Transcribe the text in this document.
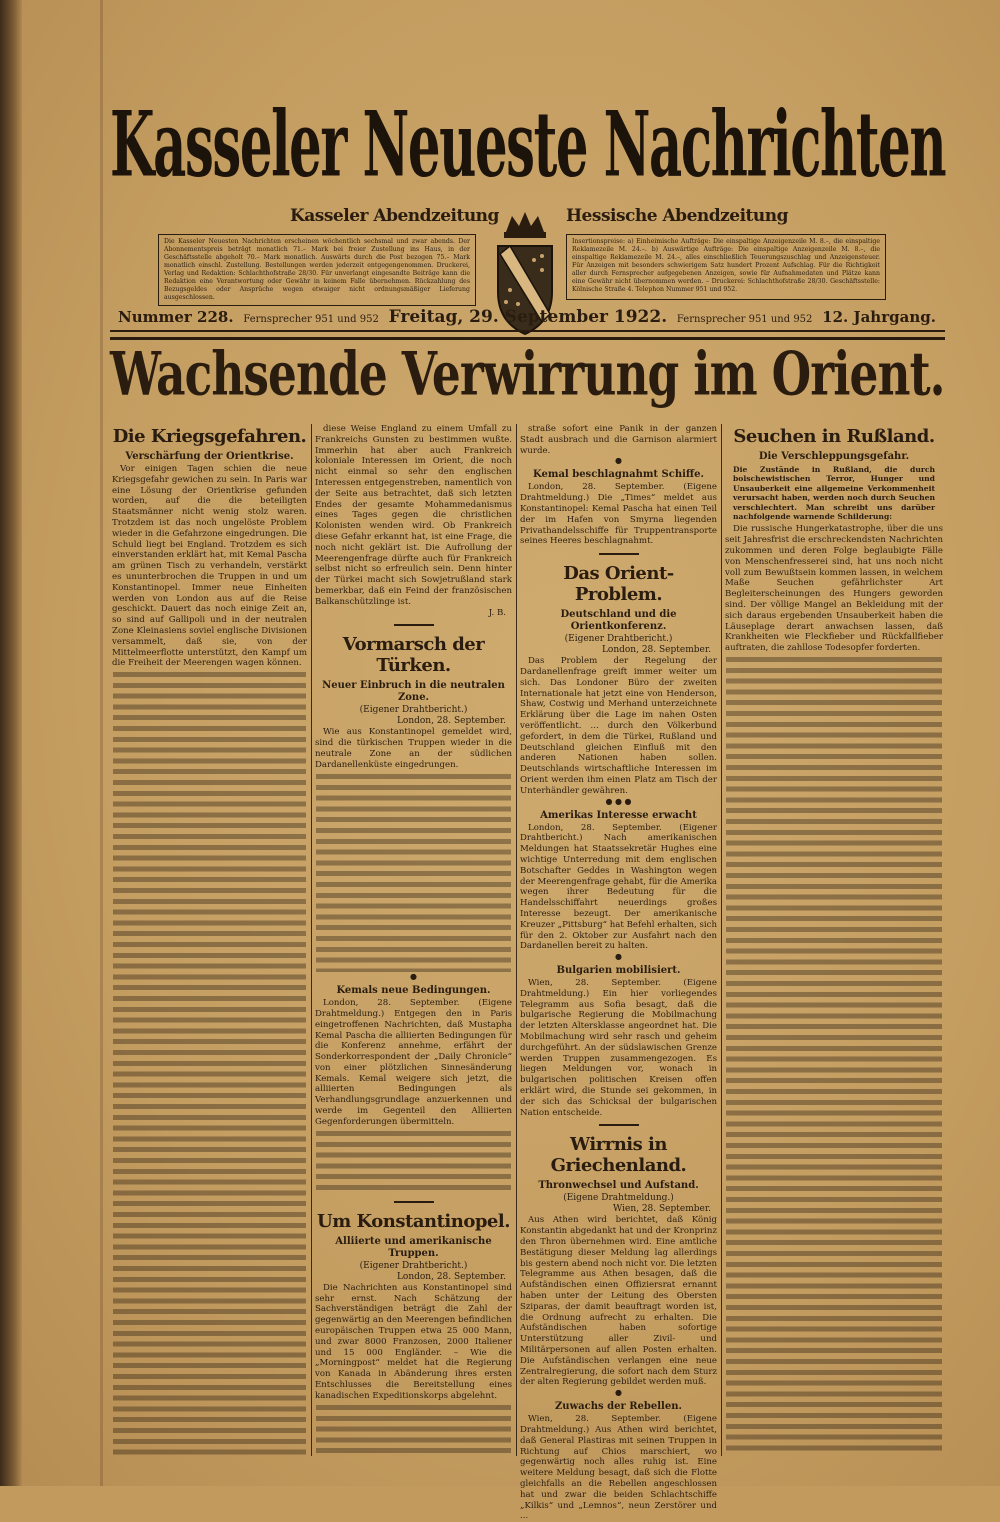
Kasseler Neueste Nachrichten
Kasseler Abendzeitung	Hessische Abendzeitung
Die Kasseler Neuesten Nachrichten erscheinen wöchentlich sechsmal und zwar abends. Der Abonnementspreis beträgt monatlich 71.– Mark bei freier Zustellung ins Haus, in der Geschäftsstelle abgeholt 70.– Mark monatlich. Auswärts durch die Post bezogen 75.– Mark monatlich einschl. Zustellung. Bestellungen werden jederzeit entgegengenommen. Druckerei, Verlag und Redaktion: Schlachthofstraße 28/30. Für unverlangt eingesandte Beiträge kann die Redaktion eine Verantwortung oder Gewähr in keinem Falle übernehmen. Rückzahlung des Bezugsgeldes oder Ansprüche wegen etwaiger nicht ordnungsmäßiger Lieferung ausgeschlossen.
Insertionspreise: a) Einheimische Aufträge: Die einspaltige Anzeigenzeile M. 8.–, die einspaltige Reklamezeile M. 24.–. b) Auswärtige Aufträge: Die einspaltige Anzeigenzeile M. 8.–, die einspaltige Reklamezeile M. 24.–, alles einschließlich Teuerungszuschlag und Anzeigensteuer. Für Anzeigen mit besonders schwierigem Satz hundert Prozent Aufschlag. Für die Richtigkeit aller durch Fernsprecher aufgegebenen Anzeigen, sowie für Aufnahmedaten und Plätze kann eine Gewähr nicht übernommen werden. – Druckerei: Schlachthofstraße 28/30. Geschäftsstelle: Kölnische Straße 4. Telephon Nummer 951 und 952.
Nummer 228. Fernsprecher 951 und 952 Freitag, 29. September 1922. Fernsprecher 951 und 952 12. Jahrgang.
Wachsende Verwirrung im Orient.
Die Kriegsgefahren.
Verschärfung der Orientkrise.

Vor einigen Tagen schien die neue Kriegsgefahr gewichen zu sein. In Paris war eine Lösung der Orientkrise gefunden worden, auf die die beteiligten Staatsmänner nicht wenig stolz waren. Trotzdem ist das noch ungelöste Problem wieder in die Gefahrzone eingedrungen. Die Schuld liegt bei England. Trotzdem es sich einverstanden erklärt hat, mit Kemal Pascha am grünen Tisch zu verhandeln, verstärkt es ununterbrochen die Truppen in und um Konstantinopel. Immer neue Einheiten werden von London aus auf die Reise geschickt. Dauert das noch einige Zeit an, so sind auf Gallipoli und in der neutralen Zone Kleinasiens soviel englische Divisionen versammelt, daß sie, von der Mittelmeerflotte unterstützt, den Kampf um die Freiheit der Meerengen wagen können.

diese Weise England zu einem Umfall zu Frankreichs Gunsten zu bestimmen wußte. Immerhin hat aber auch Frankreich koloniale Interessen im Orient, die noch nicht einmal so sehr den englischen Interessen entgegenstreben, namentlich von der Seite aus betrachtet, daß sich letzten Endes der gesamte Mohammedanismus eines Tages gegen die christlichen Kolonisten wenden wird. Ob Frankreich diese Gefahr erkannt hat, ist eine Frage, die noch nicht geklärt ist. Die Aufrollung der Meerengenfrage dürfte auch für Frankreich selbst nicht so erfreulich sein. Denn hinter der Türkei macht sich Sowjetrußland stark bemerkbar, daß ein Feind der französischen Balkanschützlinge ist.

J. B.
Vormarsch der Türken.
Neuer Einbruch in die neutralen Zone.
(Eigener Drahtbericht.)
London, 28. September.

Wie aus Konstantinopel gemeldet wird, sind die türkischen Truppen wieder in die neutrale Zone an der südlichen Dardanellenküste eingedrungen.

●
Kemals neue Bedingungen.

London, 28. September. (Eigene Drahtmeldung.) Entgegen den in Paris eingetroffenen Nachrichten, daß Mustapha Kemal Pascha die alliierten Bedingungen für die Konferenz annehme, erfährt der Sonderkorrespondent der „Daily Chronicle“ von einer plötzlichen Sinnesänderung Kemals. Kemal weigere sich jetzt, die alliierten Bedingungen als Verhandlungsgrundlage anzuerkennen und werde im Gegenteil den Alliierten Gegenforderungen übermitteln.

Um Konstantinopel.
Alliierte und amerikanische Truppen.
(Eigener Drahtbericht.)
London, 28. September.

Die Nachrichten aus Konstantinopel sind sehr ernst. Nach Schätzung der Sachverständigen beträgt die Zahl der gegenwärtig an den Meerengen befindlichen europäischen Truppen etwa 25 000 Mann, und zwar 8000 Franzosen, 2000 Italiener und 15 000 Engländer. – Wie die „Morningpost“ meldet hat die Regierung von Kanada in Abänderung ihres ersten Entschlusses die Bereitstellung eines kanadischen Expeditionskorps abgelehnt.

straße sofort eine Panik in der ganzen Stadt ausbrach und die Garnison alarmiert wurde.

●
Kemal beschlagnahmt Schiffe.

London, 28. September. (Eigene Drahtmeldung.) Die „Times“ meldet aus Konstantinopel: Kemal Pascha hat einen Teil der im Hafen von Smyrna liegenden Privathandelsschiffe für Truppentransporte seines Heeres beschlagnahmt.

Das Orient-Problem.
Deutschland und die Orientkonferenz.
(Eigener Drahtbericht.)
London, 28. September.

Das Problem der Regelung der Dardanellenfrage greift immer weiter um sich. Das Londoner Büro der zweiten Internationale hat jetzt eine von Henderson, Shaw, Costwig und Merhand unterzeichnete Erklärung über die Lage im nahen Osten veröffentlicht. … durch den Völkerbund gefordert, in dem die Türkei, Rußland und Deutschland gleichen Einfluß mit den anderen Nationen haben sollen. Deutschlands wirtschaftliche Interessen im Orient werden ihm einen Platz am Tisch der Unterhändler gewähren.

● ● ●
Amerikas Interesse erwacht

London, 28. September. (Eigener Drahtbericht.) Nach amerikanischen Meldungen hat Staatssekretär Hughes eine wichtige Unterredung mit dem englischen Botschafter Geddes in Washington wegen der Meerengenfrage gehabt, für die Amerika wegen ihrer Bedeutung für die Handelsschiffahrt neuerdings großes Interesse bezeugt. Der amerikanische Kreuzer „Pittsburg“ hat Befehl erhalten, sich für den 2. Oktober zur Ausfahrt nach den Dardanellen bereit zu halten.

●
Bulgarien mobilisiert.

Wien, 28. September. (Eigene Drahtmeldung.) Ein hier vorliegendes Telegramm aus Sofia besagt, daß die bulgarische Regierung die Mobilmachung der letzten Altersklasse angeordnet hat. Die Mobilmachung wird sehr rasch und geheim durchgeführt. An der südslawischen Grenze werden Truppen zusammengezogen. Es liegen Meldungen vor, wonach in bulgarischen politischen Kreisen offen erklärt wird, die Stunde sei gekommen, in der sich das Schicksal der bulgarischen Nation entscheide.

Wirrnis in Griechenland.
Thronwechsel und Aufstand.
(Eigene Drahtmeldung.)
Wien, 28. September.

Aus Athen wird berichtet, daß König Konstantin abgedankt hat und der Kronprinz den Thron übernehmen wird. Eine amtliche Bestätigung dieser Meldung lag allerdings bis gestern abend noch nicht vor. Die letzten Telegramme aus Athen besagen, daß die Aufständischen einen Offiziersrat ernannt haben unter der Leitung des Obersten Sziparas, der damit beauftragt worden ist, die Ordnung aufrecht zu erhalten. Die Aufständischen haben sofortige Unterstützung aller Zivil- und Militärpersonen auf allen Posten erhalten. Die Aufständischen verlangen eine neue Zentralregierung, die sofort nach dem Sturz der alten Regierung gebildet werden muß.

●
Zuwachs der Rebellen.

Wien, 28. September. (Eigene Drahtmeldung.) Aus Athen wird berichtet, daß General Plastiras mit seinen Truppen in Richtung auf Chios marschiert, wo gegenwärtig noch alles ruhig ist. Eine weitere Meldung besagt, daß sich die Flotte gleichfalls an die Rebellen angeschlossen hat und zwar die beiden Schlachtschiffe „Kilkis“ und „Lemnos“, neun Zerstörer und ...

Seuchen in Rußland.
Die Verschleppungsgefahr.
Die Zustände in Rußland, die durch bolschewistischen Terror, Hunger und Unsauberkeit eine allgemeine Verkommenheit verursacht haben, werden noch durch Seuchen verschlechtert. Man schreibt uns darüber nachfolgende warnende Schilderung:

Die russische Hungerkatastrophe, über die uns seit Jahresfrist die erschreckendsten Nachrichten zukommen und deren Folge beglaubigte Fälle von Menschenfresserei sind, hat uns noch nicht voll zum Bewußtsein kommen lassen, in welchem Maße Seuchen gefährlichster Art Begleiterscheinungen des Hungers geworden sind. Der völlige Mangel an Bekleidung mit der sich daraus ergebenden Unsauberkeit haben die Läuseplage derart anwachsen lassen, daß Krankheiten wie Fleckfieber und Rückfallfieber auftraten, die zahllose Todesopfer forderten.
